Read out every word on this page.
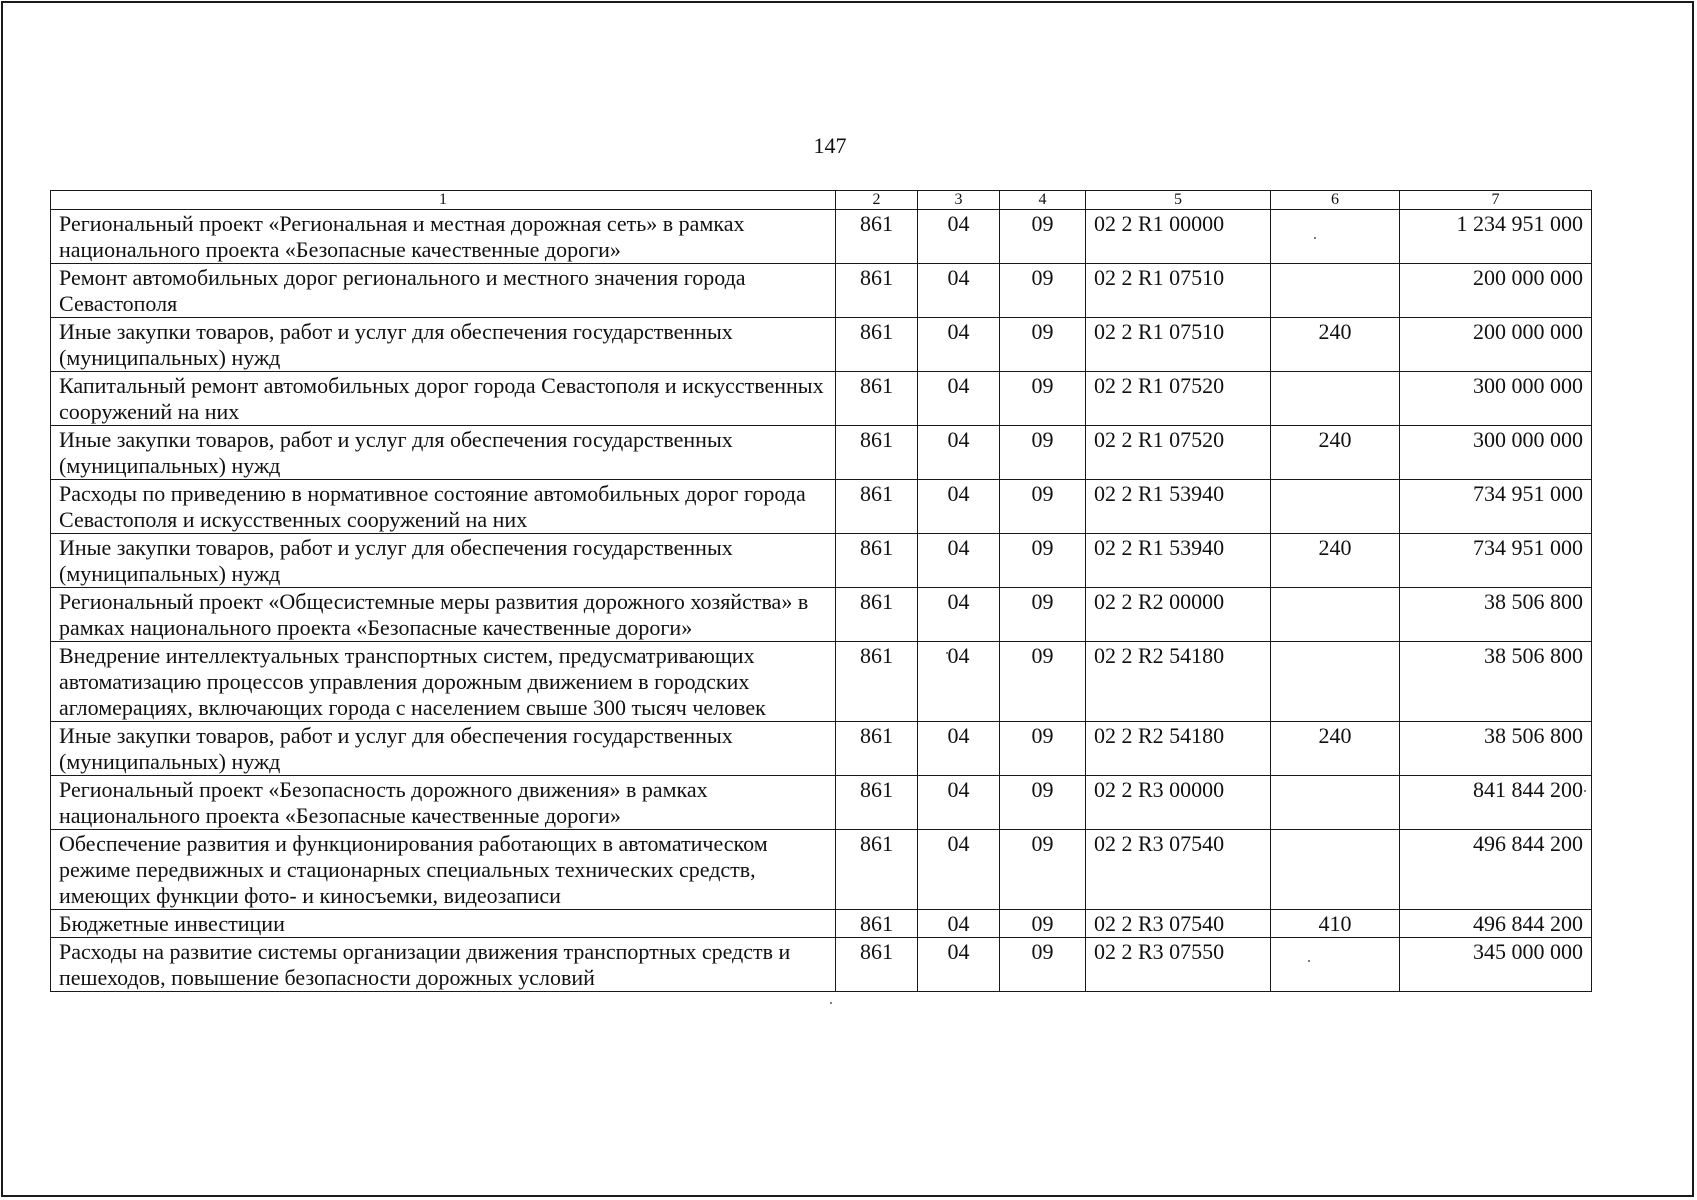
147
1	2	3	4	5	6	7
Региональный проект «Региональная и местная дорожная сеть» в рамках национального проекта «Безопасные качественные дороги»	861	04	09	02 2 R1 00000		1 234 951 000
Ремонт автомобильных дорог регионального и местного значения города Севастополя	861	04	09	02 2 R1 07510		200 000 000
Иные закупки товаров, работ и услуг для обеспечения государственных (муниципальных) нужд	861	04	09	02 2 R1 07510	240	200 000 000
Капитальный ремонт автомобильных дорог города Севастополя и искусственных сооружений на них	861	04	09	02 2 R1 07520		300 000 000
Иные закупки товаров, работ и услуг для обеспечения государственных (муниципальных) нужд	861	04	09	02 2 R1 07520	240	300 000 000
Расходы по приведению в нормативное состояние автомобильных дорог города Севастополя и искусственных сооружений на них	861	04	09	02 2 R1 53940		734 951 000
Иные закупки товаров, работ и услуг для обеспечения государственных (муниципальных) нужд	861	04	09	02 2 R1 53940	240	734 951 000
Региональный проект «Общесистемные меры развития дорожного хозяйства» в рамках национального проекта «Безопасные качественные дороги»	861	04	09	02 2 R2 00000		38 506 800
Внедрение интеллектуальных транспортных систем, предусматривающих автоматизацию процессов управления дорожным движением в городских агломерациях, включающих города с населением свыше 300 тысяч человек	861	04	09	02 2 R2 54180		38 506 800
Иные закупки товаров, работ и услуг для обеспечения государственных (муниципальных) нужд	861	04	09	02 2 R2 54180	240	38 506 800
Региональный проект «Безопасность дорожного движения» в рамках национального проекта «Безопасные качественные дороги»	861	04	09	02 2 R3 00000		841 844 200
Обеспечение развития и функционирования работающих в автоматическом режиме передвижных и стационарных специальных технических средств, имеющих функции фото- и киносъемки, видеозаписи	861	04	09	02 2 R3 07540		496 844 200
Бюджетные инвестиции	861	04	09	02 2 R3 07540	410	496 844 200
Расходы на развитие системы организации движения транспортных средств и пешеходов, повышение безопасности дорожных условий	861	04	09	02 2 R3 07550		345 000 000
